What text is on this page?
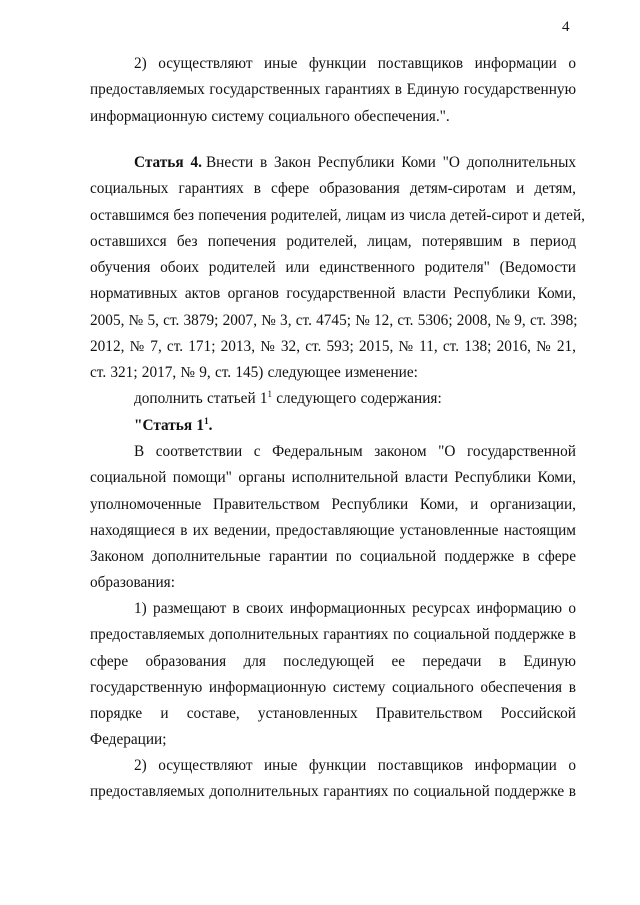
4
2) осуществляют иные функции поставщиков информации о
предоставляемых государственных гарантиях в Единую государственную
информационную систему социального обеспечения.".
Статья 4. Внести в Закон Республики Коми "О дополнительных
социальных гарантиях в сфере образования детям-сиротам и детям,
оставшимся без попечения родителей, лицам из числа детей-сирот и детей,
оставшихся без попечения родителей, лицам, потерявшим в период
обучения обоих родителей или единственного родителя" (Ведомости
нормативных актов органов государственной власти Республики Коми,
2005, № 5, ст. 3879; 2007, № 3, ст. 4745; № 12, ст. 5306; 2008, № 9, ст. 398;
2012, № 7, ст. 171; 2013, № 32, ст. 593; 2015, № 11, ст. 138; 2016, № 21,
ст. 321; 2017, № 9, ст. 145) следующее изменение:
дополнить статьей $1^1$ следующего содержания:
"Статья $1^1$.
В соответствии с Федеральным законом "О государственной
социальной помощи" органы исполнительной власти Республики Коми,
уполномоченные Правительством Республики Коми, и организации,
находящиеся в их ведении, предоставляющие установленные настоящим
Законом дополнительные гарантии по социальной поддержке в сфере
образования:
1) размещают в своих информационных ресурсах информацию о
предоставляемых дополнительных гарантиях по социальной поддержке в
сфере образования для последующей ее передачи в Единую
государственную информационную систему социального обеспечения в
порядке и составе, установленных Правительством Российской
Федерации;
2) осуществляют иные функции поставщиков информации о
предоставляемых дополнительных гарантиях по социальной поддержке в
